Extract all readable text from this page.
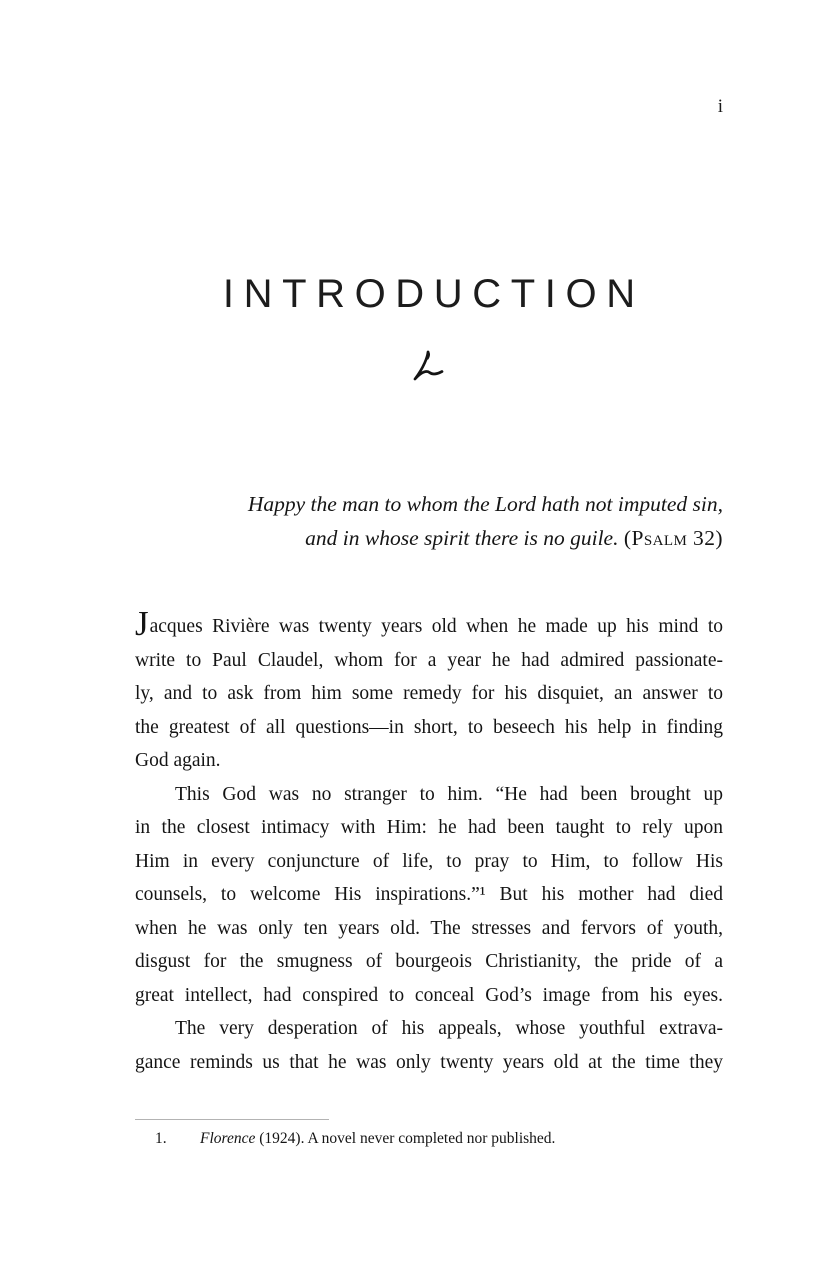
i
INTRODUCTION
Happy the man to whom the Lord hath not imputed sin,
and in whose spirit there is no guile. (Psalm 32)
Jacques Rivière was twenty years old when he made up his mind to
write to Paul Claudel, whom for a year he had admired passionate-
ly, and to ask from him some remedy for his disquiet, an answer to
the greatest of all questions—in short, to beseech his help in finding
God again.
This God was no stranger to him. “He had been brought up
in the closest intimacy with Him: he had been taught to rely upon
Him in every conjuncture of life, to pray to Him, to follow His
counsels, to welcome His inspirations.”¹ But his mother had died
when he was only ten years old. The stresses and fervors of youth,
disgust for the smugness of bourgeois Christianity, the pride of a
great intellect, had conspired to conceal God’s image from his eyes.
The very desperation of his appeals, whose youthful extrava-
gance reminds us that he was only twenty years old at the time they
1. Florence (1924). A novel never completed nor published.
